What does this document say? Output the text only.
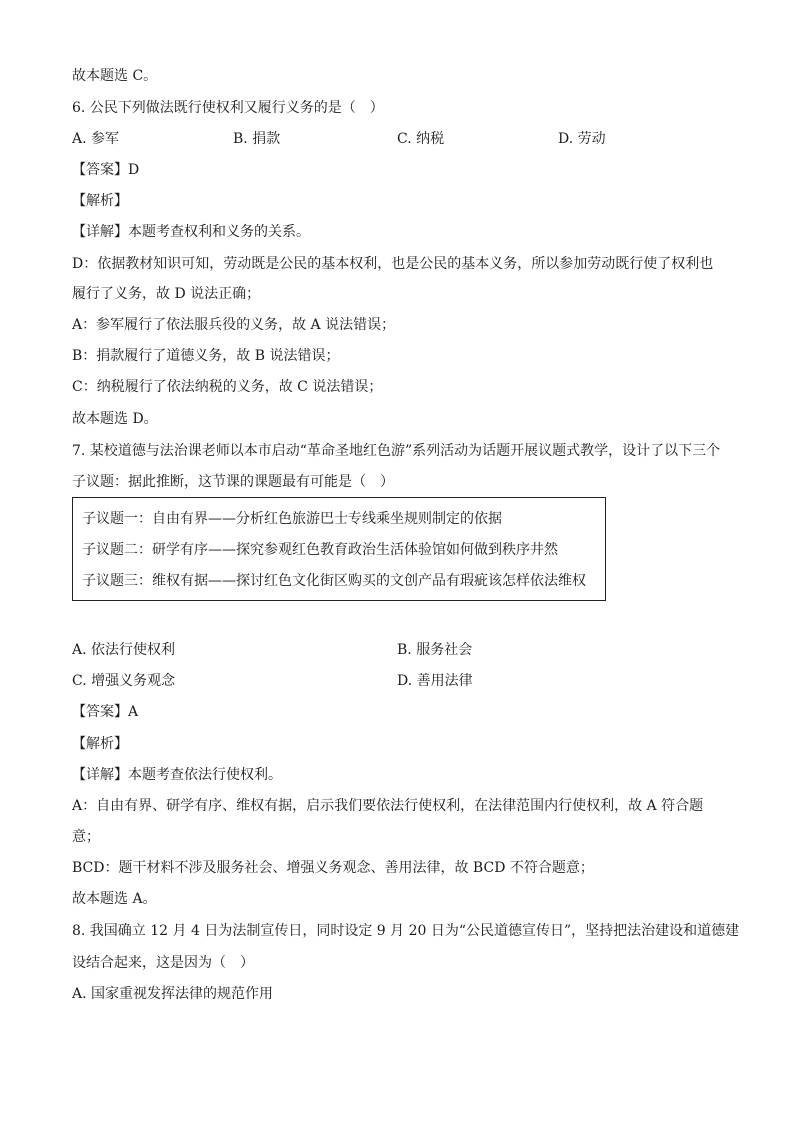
故本题选 C。
6. 公民下列做法既行使权利又履行义务的是（　）
A. 参军	B. 捐款	C. 纳税	D. 劳动
【答案】D
【解析】
【详解】本题考查权利和义务的关系。
D：依据教材知识可知，劳动既是公民的基本权利，也是公民的基本义务，所以参加劳动既行使了权利也
履行了义务，故 D 说法正确；
A：参军履行了依法服兵役的义务，故 A 说法错误；
B：捐款履行了道德义务，故 B 说法错误；
C：纳税履行了依法纳税的义务，故 C 说法错误；
故本题选 D。
7. 某校道德与法治课老师以本市启动“革命圣地红色游”系列活动为话题开展议题式教学，设计了以下三个
子议题：据此推断，这节课的课题最有可能是（　）
子议题一：自由有界——分析红色旅游巴士专线乘坐规则制定的依据
子议题二：研学有序——探究参观红色教育政治生活体验馆如何做到秩序井然
子议题三：维权有据——探讨红色文化街区购买的文创产品有瑕疵该怎样依法维权
A. 依法行使权利	B. 服务社会
C. 增强义务观念	D. 善用法律
【答案】A
【解析】
【详解】本题考查依法行使权利。
A：自由有界、研学有序、维权有据，启示我们要依法行使权利，在法律范围内行使权利，故 A 符合题
意；
BCD：题干材料不涉及服务社会、增强义务观念、善用法律，故 BCD 不符合题意；
故本题选 A。
8. 我国确立 12 月 4 日为法制宣传日，同时设定 9 月 20 日为“公民道德宣传日”，坚持把法治建设和道德建
设结合起来，这是因为（　）
A. 国家重视发挥法律的规范作用
